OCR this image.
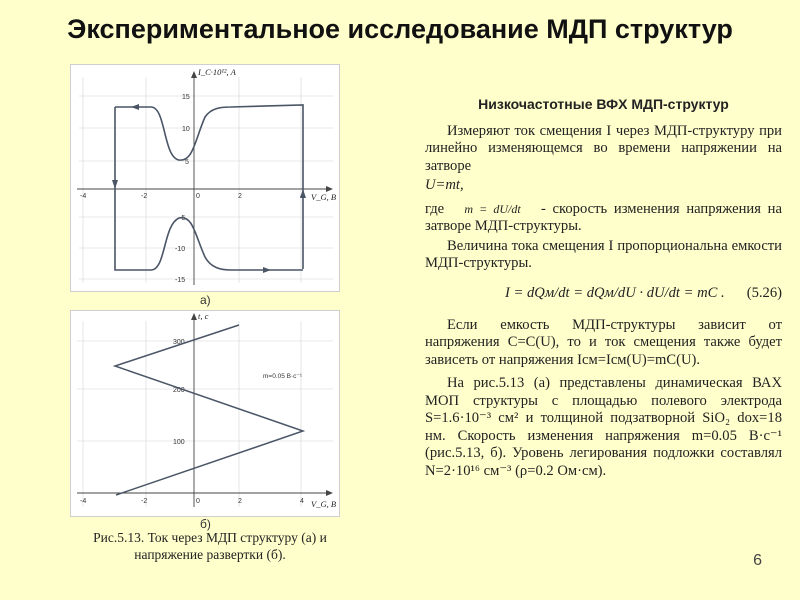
Экспериментальное исследование МДП структур
-4	-2	0	2
15
10
5
-5
-10
-15
I_C·10¹², A
V_G, B
а)
-4	-2	0	2	4
300
200
100
t, c
V_G, B
m=0.05 В·с⁻¹
б)
Рис.5.13. Ток через МДП структуру (а) и напряжение развертки (б).
Низкочастотные ВФХ МДП-структур

Измеряют ток смещения I через МДП-структуру при линейно изменяющемся во времени напряжении на затворе

U=mt,

где m = dU/dt - скорость изменения напряжения на затворе МДП-структуры.

Величина тока смещения I пропорциональна емкости МДП-структуры.

I = dQм/dt = dQм/dU · dU/dt = mC . (5.26)

Если емкость МДП-структуры зависит от напряжения C=C(U), то и ток смещения также будет зависеть от напряжения Iсм=Iсм(U)=mC(U).

На рис.5.13 (а) представлены динамическая ВАХ МОП структуры с площадью полевого электрода S=1.6·10⁻³ см² и толщиной подзатворной SiO₂ dox=18 нм. Скорость изменения напряжения m=0.05 В·с⁻¹ (рис.5.13, б). Уровень легирования подложки составлял N=2·10¹⁶ см⁻³ (ρ=0.2 Ом·см).

6
